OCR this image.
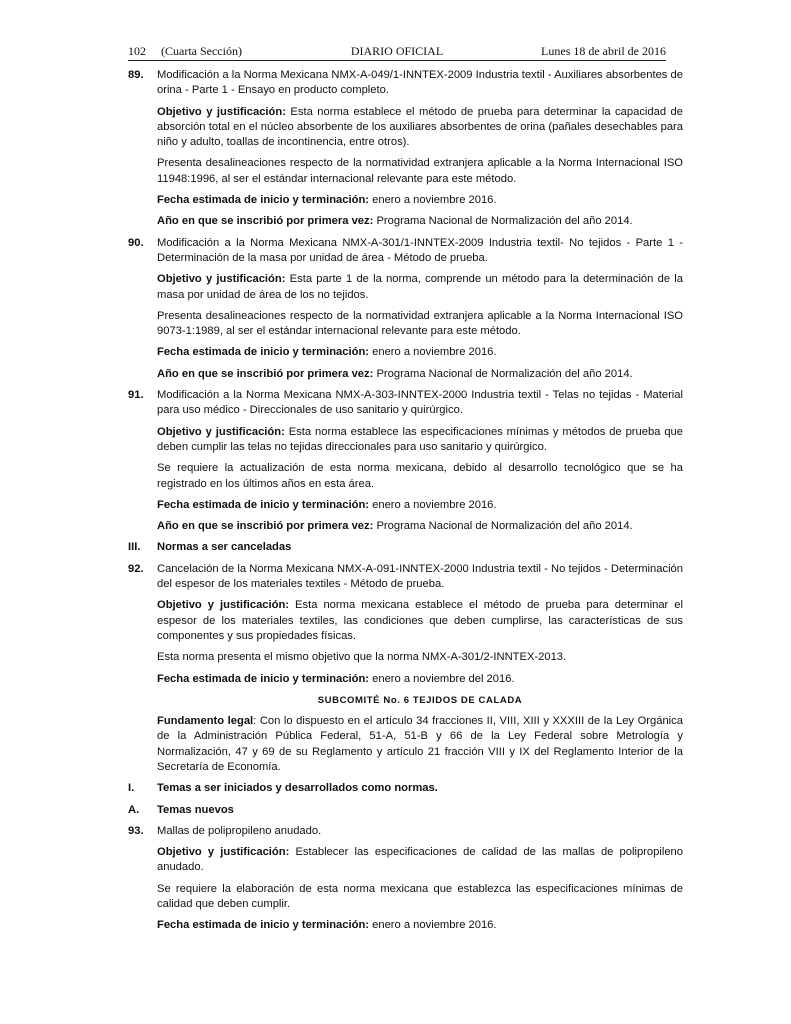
102     (Cuarta Sección)	DIARIO OFICIAL	Lunes 18 de abril de 2016
89. Modificación a la Norma Mexicana NMX-A-049/1-INNTEX-2009 Industria textil - Auxiliares absorbentes de orina - Parte 1 - Ensayo en producto completo.

Objetivo y justificación: Esta norma establece el método de prueba para determinar la capacidad de absorción total en el núcleo absorbente de los auxiliares absorbentes de orina (pañales desechables para niño y adulto, toallas de incontinencia, entre otros).

Presenta desalineaciones respecto de la normatividad extranjera aplicable a la Norma Internacional ISO 11948:1996, al ser el estándar internacional relevante para este método.

Fecha estimada de inicio y terminación: enero a noviembre 2016.

Año en que se inscribió por primera vez: Programa Nacional de Normalización del año 2014.

90. Modificación a la Norma Mexicana NMX-A-301/1-INNTEX-2009 Industria textil- No tejidos - Parte 1 - Determinación de la masa por unidad de área - Método de prueba.

Objetivo y justificación: Esta parte 1 de la norma, comprende un método para la determinación de la masa por unidad de área de los no tejidos.

Presenta desalineaciones respecto de la normatividad extranjera aplicable a la Norma Internacional ISO 9073-1:1989, al ser el estándar internacional relevante para este método.

Fecha estimada de inicio y terminación: enero a noviembre 2016.

Año en que se inscribió por primera vez: Programa Nacional de Normalización del año 2014.

91. Modificación a la Norma Mexicana NMX-A-303-INNTEX-2000 Industria textil - Telas no tejidas - Material para uso médico - Direccionales de uso sanitario y quirúrgico.

Objetivo y justificación: Esta norma establece las especificaciones mínimas y métodos de prueba que deben cumplir las telas no tejidas direccionales para uso sanitario y quirúrgico.

Se requiere la actualización de esta norma mexicana, debido al desarrollo tecnológico que se ha registrado en los últimos años en esta área.

Fecha estimada de inicio y terminación: enero a noviembre 2016.

Año en que se inscribió por primera vez: Programa Nacional de Normalización del año 2014.

III. Normas a ser canceladas
92. Cancelación de la Norma Mexicana NMX-A-091-INNTEX-2000 Industria textil - No tejidos - Determinación del espesor de los materiales textiles - Método de prueba.

Objetivo y justificación: Esta norma mexicana establece el método de prueba para determinar el espesor de los materiales textiles, las condiciones que deben cumplirse, las características de sus componentes y sus propiedades físicas.

Esta norma presenta el mismo objetivo que la norma NMX-A-301/2-INNTEX-2013.

Fecha estimada de inicio y terminación: enero a noviembre del 2016.

SUBCOMITÉ No. 6 TEJIDOS DE CALADA

Fundamento legal: Con lo dispuesto en el artículo 34 fracciones II, VIII, XIII y XXXIII de la Ley Orgánica de la Administración Pública Federal, 51-A, 51-B y 66 de la Ley Federal sobre Metrología y Normalización, 47 y 69 de su Reglamento y artículo 21 fracción VIII y IX del Reglamento Interior de la Secretaría de Economía.

I. Temas a ser iniciados y desarrollados como normas.
A. Temas nuevos
93. Mallas de polipropileno anudado.

Objetivo y justificación: Establecer las especificaciones de calidad de las mallas de polipropileno anudado.

Se requiere la elaboración de esta norma mexicana que establezca las especificaciones mínimas de calidad que deben cumplir.

Fecha estimada de inicio y terminación: enero a noviembre 2016.
